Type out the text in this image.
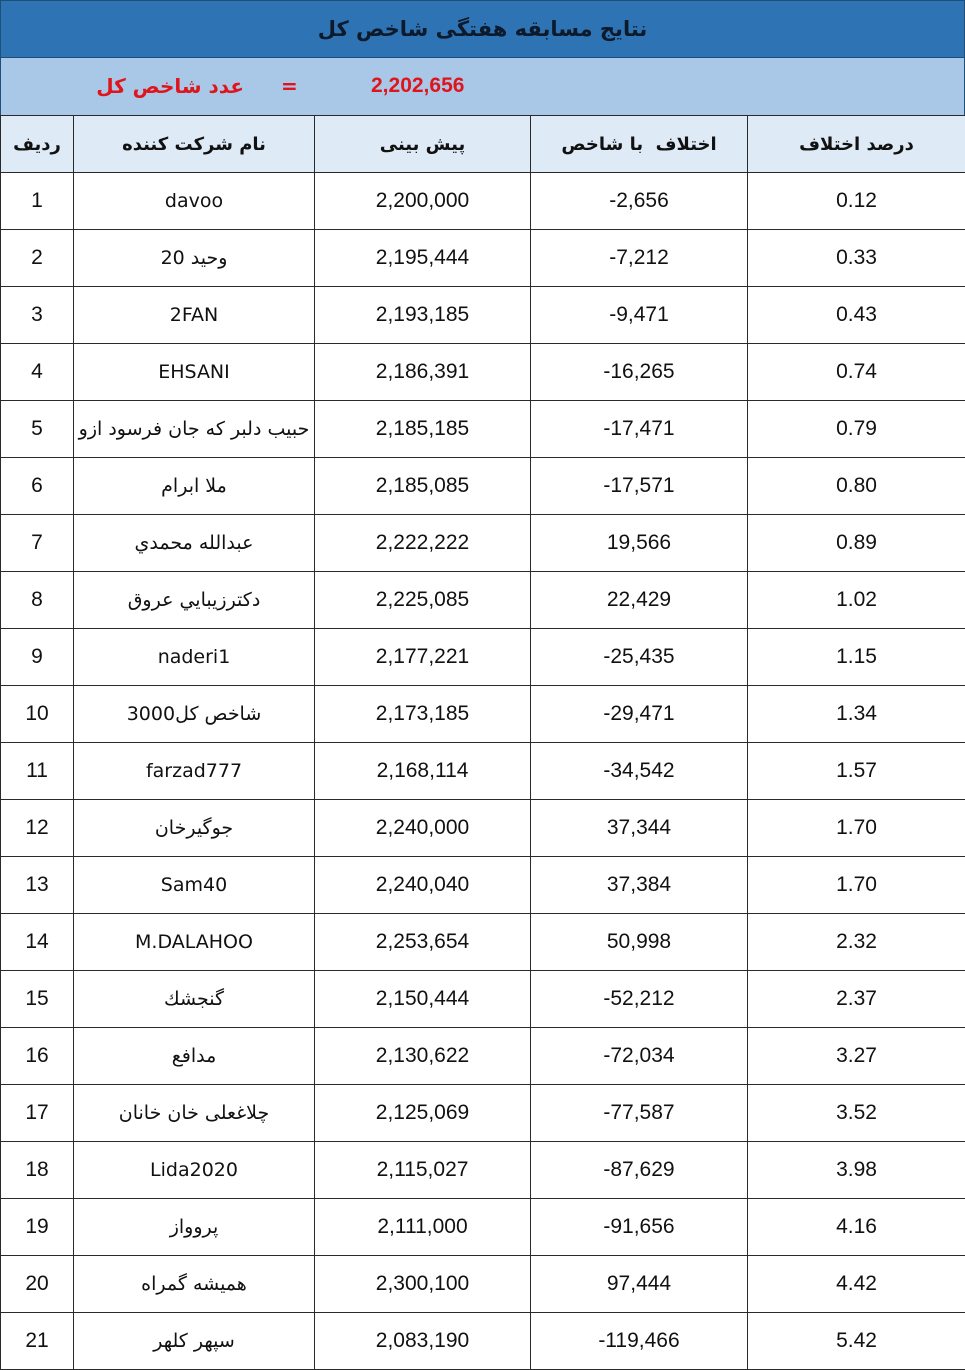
نتایج مسابقه هفتگی شاخص کل
عدد شاخص کل =	2,202,656
ردیف	نام شرکت کننده	پیش بینی	اختلاف  با شاخص	درصد اختلاف
1	davoo	2,200,000	-2,656	0.12
2	وحید 20	2,195,444	-7,212	0.33
3	2FAN	2,193,185	-9,471	0.43
4	EHSANI	2,186,391	-16,265	0.74
5	حبیب دلبر که جان فرسود ازو	2,185,185	-17,471	0.79
6	ملا ابرام	2,185,085	-17,571	0.80
7	عبدالله محمدي	2,222,222	19,566	0.89
8	دكترزيبايي عروق	2,225,085	22,429	1.02
9	naderi1	2,177,221	-25,435	1.15
10	شاخص کل3000	2,173,185	-29,471	1.34
11	farzad777	2,168,114	-34,542	1.57
12	جوگیرخان	2,240,000	37,344	1.70
13	Sam40	2,240,040	37,384	1.70
14	M.DALAHOO	2,253,654	50,998	2.32
15	گنجشك	2,150,444	-52,212	2.37
16	مدافع	2,130,622	-72,034	3.27
17	چلاغعلی خان خانان	2,125,069	-77,587	3.52
18	Lida2020	2,115,027	-87,629	3.98
19	پرووا‌ز	2,111,000	-91,656	4.16
20	همیشه گمراه	2,300,100	97,444	4.42
21	سپهر کلهر	2,083,190	-119,466	5.42
